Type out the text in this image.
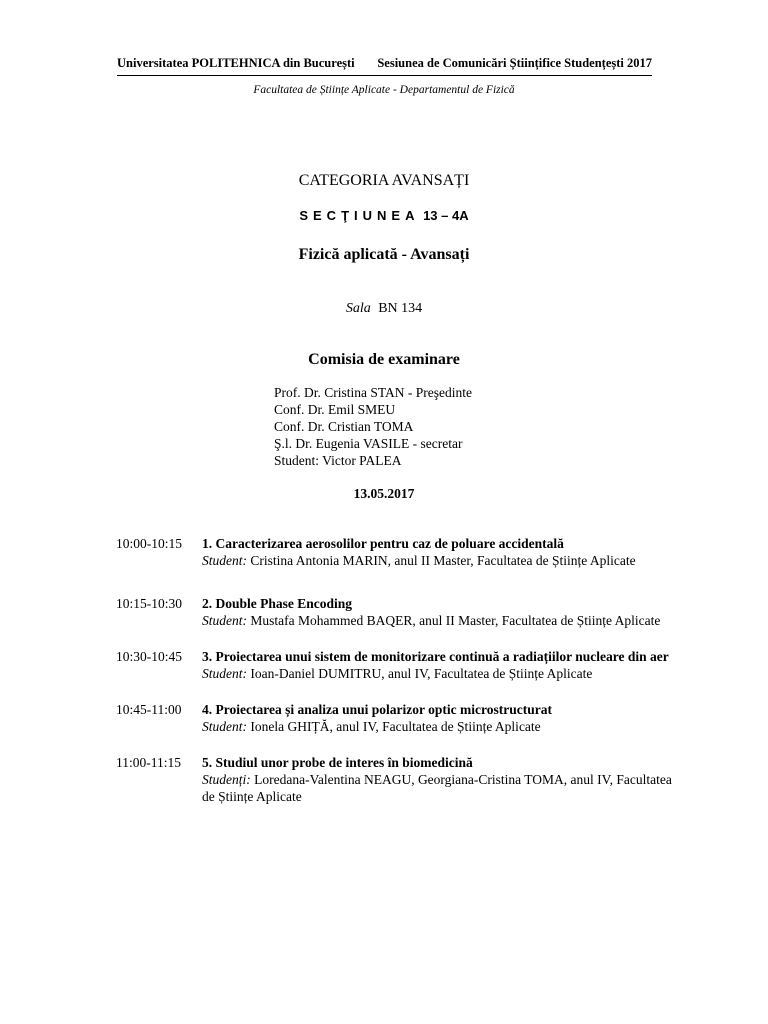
Universitatea POLITEHNICA din București Sesiunea de Comunicări Științifice Studențești 2017
Facultatea de Științe Aplicate - Departamentul de Fizică
CATEGORIA AVANSAȚI
SECŢIUNEA 13 – 4A
Fizică aplicată - Avansați
Sala BN 134
Comisia de examinare
Prof. Dr. Cristina STAN - Preşedinte
Conf. Dr. Emil SMEU
Conf. Dr. Cristian TOMA
Ş.l. Dr. Eugenia VASILE - secretar
Student: Victor PALEA
13.05.2017
10:00-10:15	1. Caracterizarea aerosolilor pentru caz de poluare accidentală
Student: Cristina Antonia MARIN, anul II Master, Facultatea de Științe Aplicate
10:15-10:30	2. Double Phase Encoding
Student: Mustafa Mohammed BAQER, anul II Master, Facultatea de Științe Aplicate
10:30-10:45	3. Proiectarea unui sistem de monitorizare continuă a radiațiilor nucleare din aer
Student: Ioan-Daniel DUMITRU, anul IV, Facultatea de Științe Aplicate
10:45-11:00	4. Proiectarea și analiza unui polarizor optic microstructurat
Student: Ionela GHIȚĂ, anul IV, Facultatea de Științe Aplicate
11:00-11:15	5. Studiul unor probe de interes în biomedicină
Studenți: Loredana-Valentina NEAGU, Georgiana-Cristina TOMA, anul IV, Facultatea de Științe Aplicate
